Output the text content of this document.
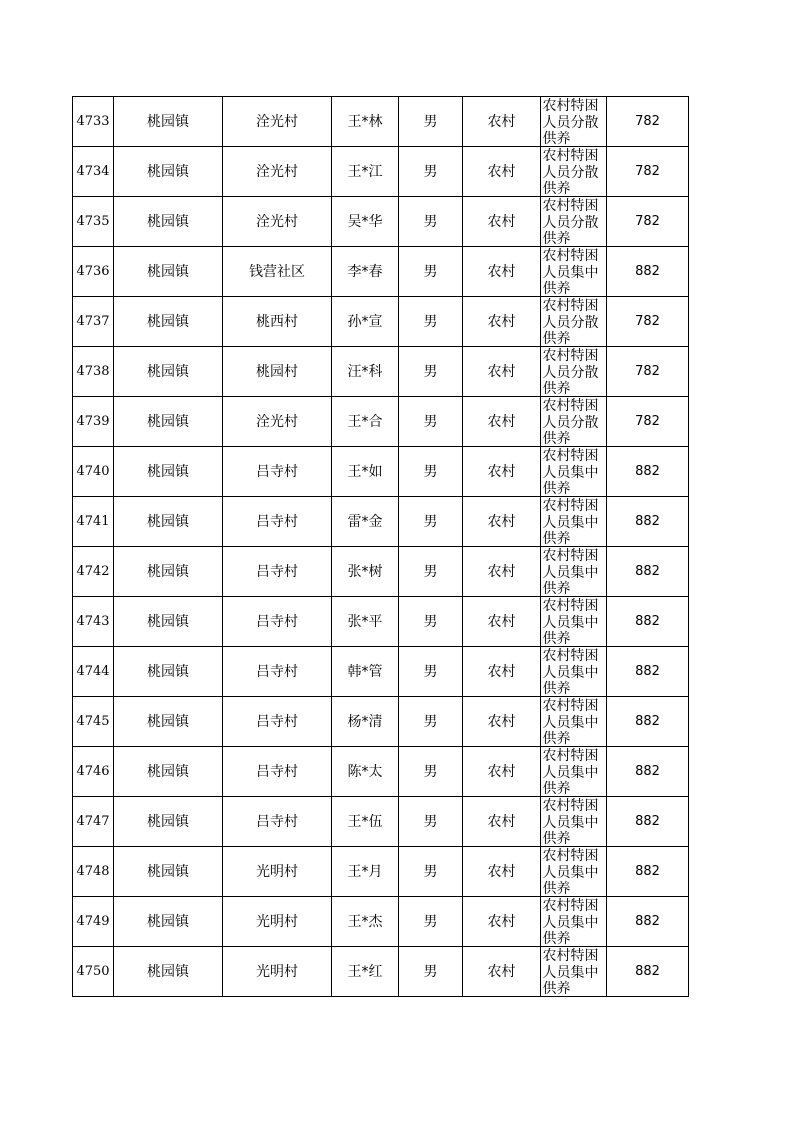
4733	桃园镇	洤光村	王*林	男	农村	农村特困人员分散供养	782
4734	桃园镇	洤光村	王*江	男	农村	农村特困人员分散供养	782
4735	桃园镇	洤光村	吴*华	男	农村	农村特困人员分散供养	782
4736	桃园镇	钱营社区	李*春	男	农村	农村特困人员集中供养	882
4737	桃园镇	桃西村	孙*宣	男	农村	农村特困人员分散供养	782
4738	桃园镇	桃园村	汪*科	男	农村	农村特困人员分散供养	782
4739	桃园镇	洤光村	王*合	男	农村	农村特困人员分散供养	782
4740	桃园镇	吕寺村	王*如	男	农村	农村特困人员集中供养	882
4741	桃园镇	吕寺村	雷*金	男	农村	农村特困人员集中供养	882
4742	桃园镇	吕寺村	张*树	男	农村	农村特困人员集中供养	882
4743	桃园镇	吕寺村	张*平	男	农村	农村特困人员集中供养	882
4744	桃园镇	吕寺村	韩*管	男	农村	农村特困人员集中供养	882
4745	桃园镇	吕寺村	杨*清	男	农村	农村特困人员集中供养	882
4746	桃园镇	吕寺村	陈*太	男	农村	农村特困人员集中供养	882
4747	桃园镇	吕寺村	王*伍	男	农村	农村特困人员集中供养	882
4748	桃园镇	光明村	王*月	男	农村	农村特困人员集中供养	882
4749	桃园镇	光明村	王*杰	男	农村	农村特困人员集中供养	882
4750	桃园镇	光明村	王*红	男	农村	农村特困人员集中供养	882
